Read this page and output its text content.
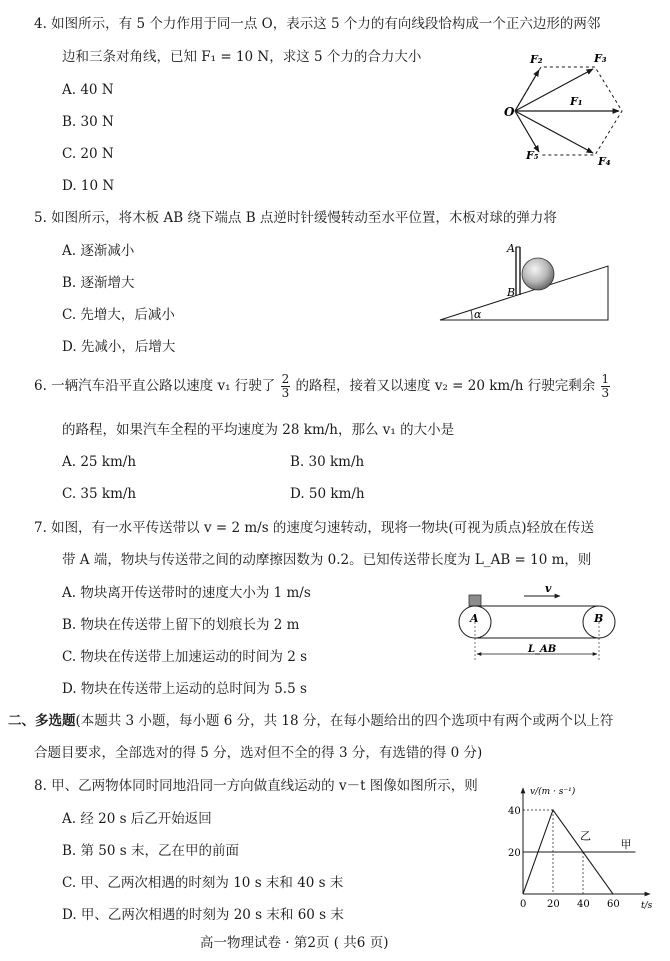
4. 如图所示，有 5 个力作用于同一点 O，表示这 5 个力的有向线段恰构成一个正六边形的两邻
边和三条对角线，已知 F₁ = 10 N，求这 5 个力的合力大小
A. 40 N
B. 30 N
C. 20 N
D. 10 N
O
F₂	F₃
F₁
F₄
F₅
5. 如图所示，将木板 AB 绕下端点 B 点逆时针缓慢转动至水平位置，木板对球的弹力将
A. 逐渐减小
B. 逐渐增大
C. 先增大，后减小
D. 先减小，后增大
A
B
α
6. 一辆汽车沿平直公路以速度 v₁ 行驶了 $\frac{2}{3}$ 的路程，接着又以速度 v₂ = 20 km/h 行驶完剩余 $\frac{1}{3}$
的路程，如果汽车全程的平均速度为 28 km/h，那么 v₁ 的大小是
A. 25 km/h	B. 30 km/h
C. 35 km/h	D. 50 km/h
7. 如图，有一水平传送带以 v = 2 m/s 的速度匀速转动，现将一物块(可视为质点)轻放在传送
带 A 端，物块与传送带之间的动摩擦因数为 0.2。已知传送带长度为 L_AB = 10 m，则
A. 物块离开传送带时的速度大小为 1 m/s
B. 物块在传送带上留下的划痕长为 2 m
C. 物块在传送带上加速运动的时间为 2 s
D. 物块在传送带上运动的总时间为 5.5 s
v
A	B
L_AB
二、多选题(本题共 3 小题，每小题 6 分，共 18 分，在每小题给出的四个选项中有两个或两个以上符
合题目要求，全部选对的得 5 分，选对但不全的得 3 分，有选错的得 0 分)
8. 甲、乙两物体同时同地沿同一方向做直线运动的 v－t 图像如图所示，则
A. 经 20 s 后乙开始返回
B. 第 50 s 末，乙在甲的前面
C. 甲、乙两次相遇的时刻为 10 s 末和 40 s 末
D. 甲、乙两次相遇的时刻为 20 s 末和 60 s 末
甲
乙
0 20 40 60
20
40
v/(m · s⁻¹)
t/s
高一物理试卷 · 第2页 ( 共6 页)
